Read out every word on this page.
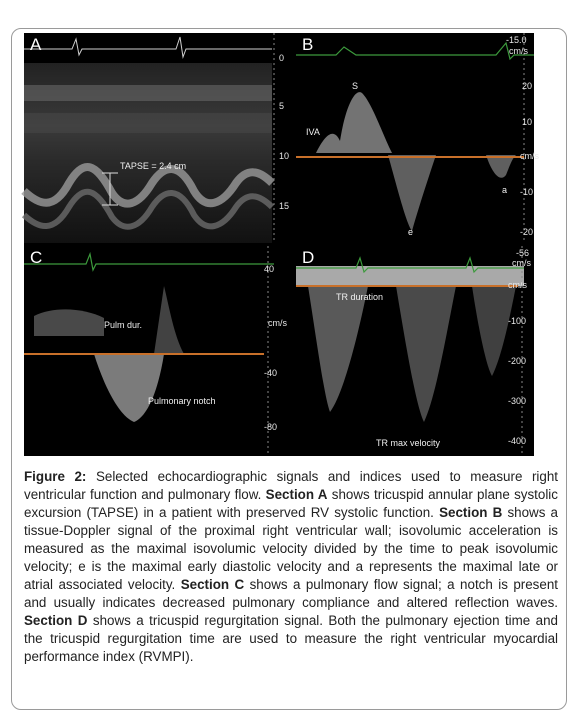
A
0
5
10
15
TAPSE = 2.4 cm
B	-15.0
cm/s
20
10
cm/s
-10
-20
S
IVA
e
a
C
40
cm/s
-40
-80
Pulm dur.
Pulmonary notch
D	-56
cm/s
cm/s
-100
-200
-300
-400
TR duration
TR max velocity
Figure 2: Selected echocardiographic signals and indices used to measure right ventricular function and pulmonary flow. Section A shows tricuspid annular plane systolic excursion (TAPSE) in a patient with preserved RV systolic function. Section B shows a tissue-Doppler signal of the proximal right ventricular wall; isovolumic acceleration is measured as the maximal isovolumic velocity divided by the time to peak isovolumic velocity; e is the maximal early diastolic velocity and a represents the maximal late or atrial associated velocity. Section C shows a pulmonary flow signal; a notch is present and usually indicates decreased pulmonary compliance and altered reflection waves. Section D shows a tricuspid regurgitation signal. Both the pulmonary ejection time and the tricuspid regurgitation time are used to measure the right ventricular myocardial performance index (RVMPI).
